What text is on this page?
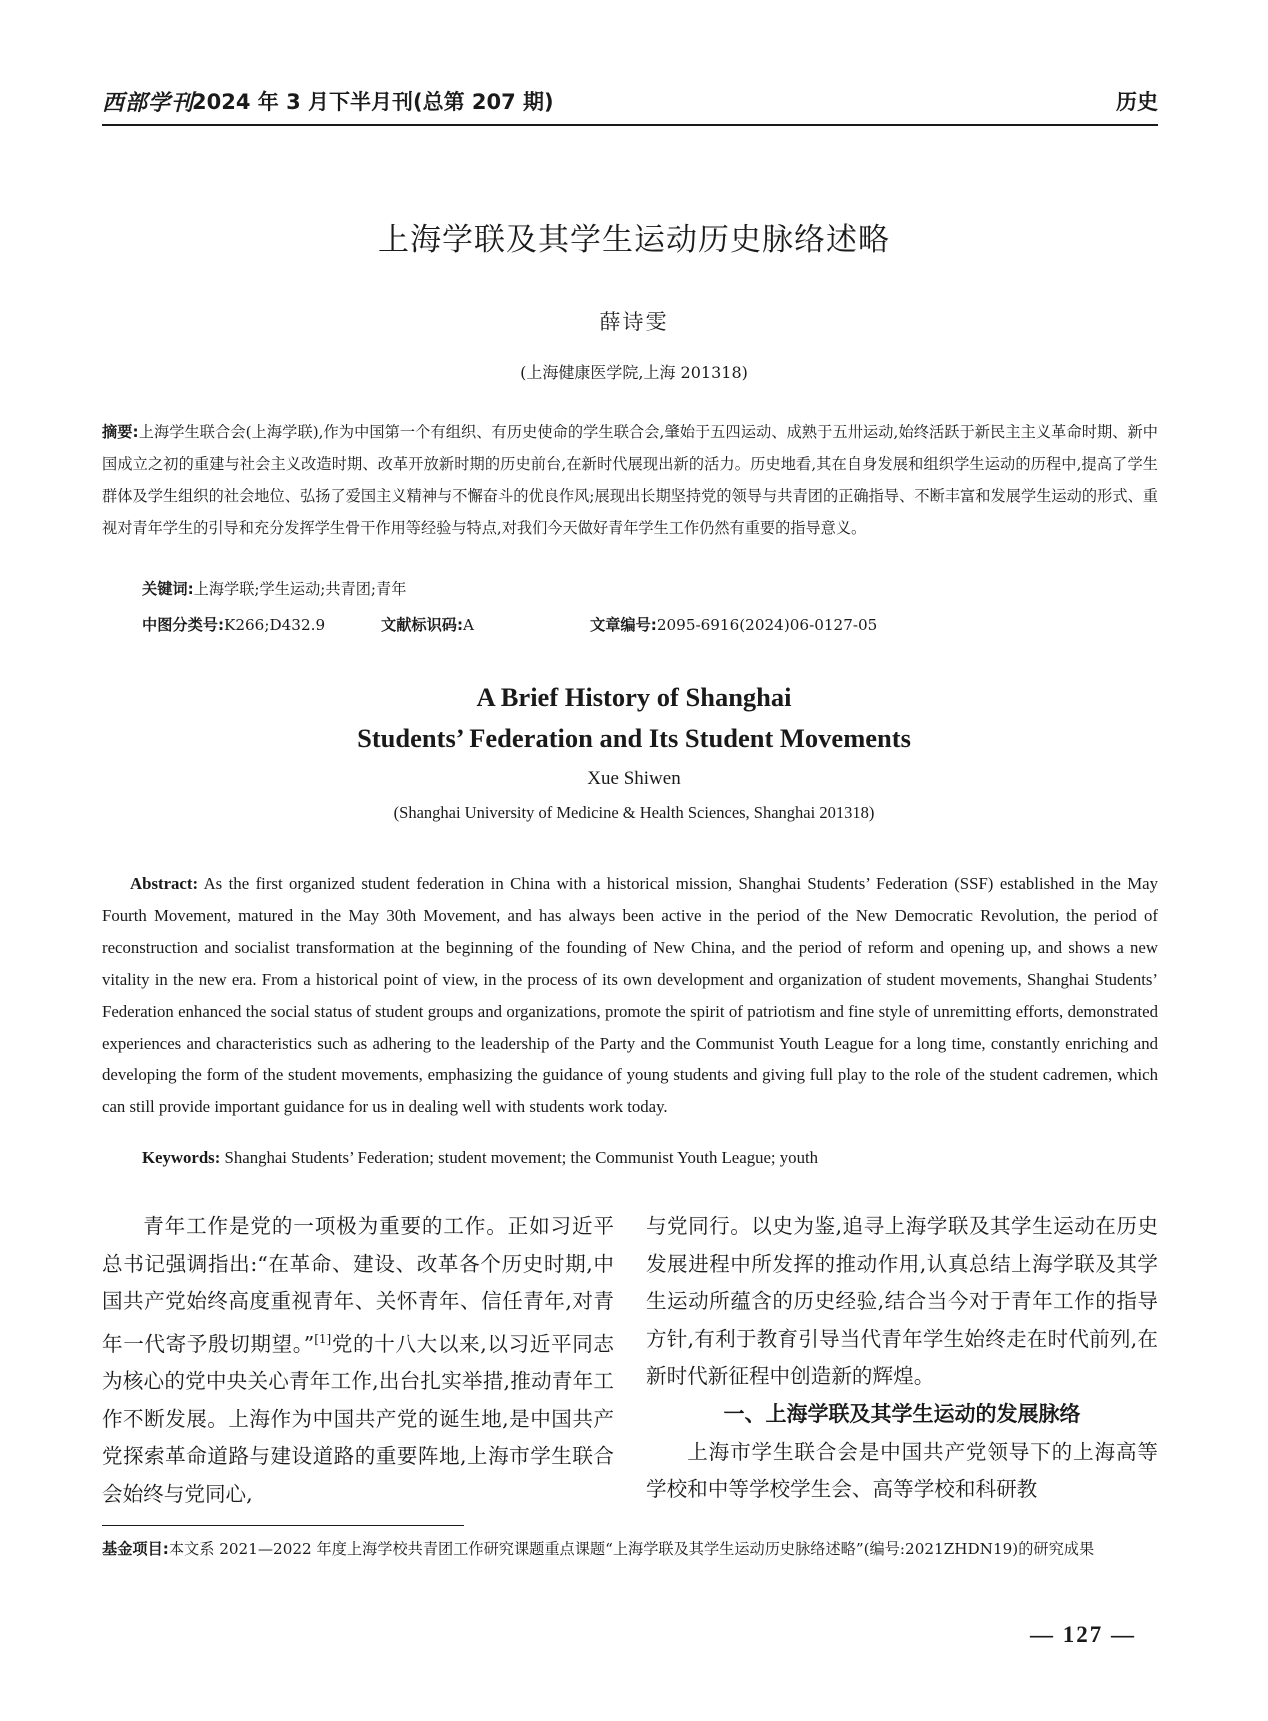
西部学刊
2024 年 3 月下半月刊(总第 207 期)	历史
上海学联及其学生运动历史脉络述略
薛诗雯
(上海健康医学院,上海 201318)
摘要:上海学生联合会(上海学联),作为中国第一个有组织、有历史使命的学生联合会,肇始于五四运动、成熟于五卅运动,始终活跃于新民主主义革命时期、新中国成立之初的重建与社会主义改造时期、改革开放新时期的历史前台,在新时代展现出新的活力。历史地看,其在自身发展和组织学生运动的历程中,提高了学生群体及学生组织的社会地位、弘扬了爱国主义精神与不懈奋斗的优良作风;展现出长期坚持党的领导与共青团的正确指导、不断丰富和发展学生运动的形式、重视对青年学生的引导和充分发挥学生骨干作用等经验与特点,对我们今天做好青年学生工作仍然有重要的指导意义。
关键词:上海学联;学生运动;共青团;青年
中图分类号:K266;D432.9	文献标识码:A	文章编号:2095-6916(2024)06-0127-05
A Brief History of Shanghai
Students’ Federation and Its Student Movements
Xue Shiwen
(Shanghai University of Medicine & Health Sciences, Shanghai 201318)
Abstract: As the first organized student federation in China with a historical mission, Shanghai Students’ Federation (SSF) established in the May Fourth Movement, matured in the May 30th Movement, and has always been active in the period of the New Democratic Revolution, the period of reconstruction and socialist transformation at the beginning of the founding of New China, and the period of reform and opening up, and shows a new vitality in the new era. From a historical point of view, in the process of its own development and organization of student movements, Shanghai Students’ Federation enhanced the social status of student groups and organizations, promote the spirit of patriotism and fine style of unremitting efforts, demonstrated experiences and characteristics such as adhering to the leadership of the Party and the Communist Youth League for a long time, constantly enriching and developing the form of the student movements, emphasizing the guidance of young students and giving full play to the role of the student cadremen, which can still provide important guidance for us in dealing well with students work today.
Keywords: Shanghai Students’ Federation; student movement; the Communist Youth League; youth

青年工作是党的一项极为重要的工作。正如习近平总书记强调指出:“在革命、建设、改革各个历史时期,中国共产党始终高度重视青年、关怀青年、信任青年,对青年一代寄予殷切期望。”[1]党的十八大以来,以习近平同志为核心的党中央关心青年工作,出台扎实举措,推动青年工作不断发展。上海作为中国共产党的诞生地,是中国共产党探索革命道路与建设道路的重要阵地,上海市学生联合会始终与党同心,

与党同行。以史为鉴,追寻上海学联及其学生运动在历史发展进程中所发挥的推动作用,认真总结上海学联及其学生运动所蕴含的历史经验,结合当今对于青年工作的指导方针,有利于教育引导当代青年学生始终走在时代前列,在新时代新征程中创造新的辉煌。

一、上海学联及其学生运动的发展脉络

上海市学生联合会是中国共产党领导下的上海高等学校和中等学校学生会、高等学校和科研教

基金项目:本文系 2021—2022 年度上海学校共青团工作研究课题重点课题“上海学联及其学生运动历史脉络述略”(编号:2021ZHDN19)的研究成果
— 127 —
